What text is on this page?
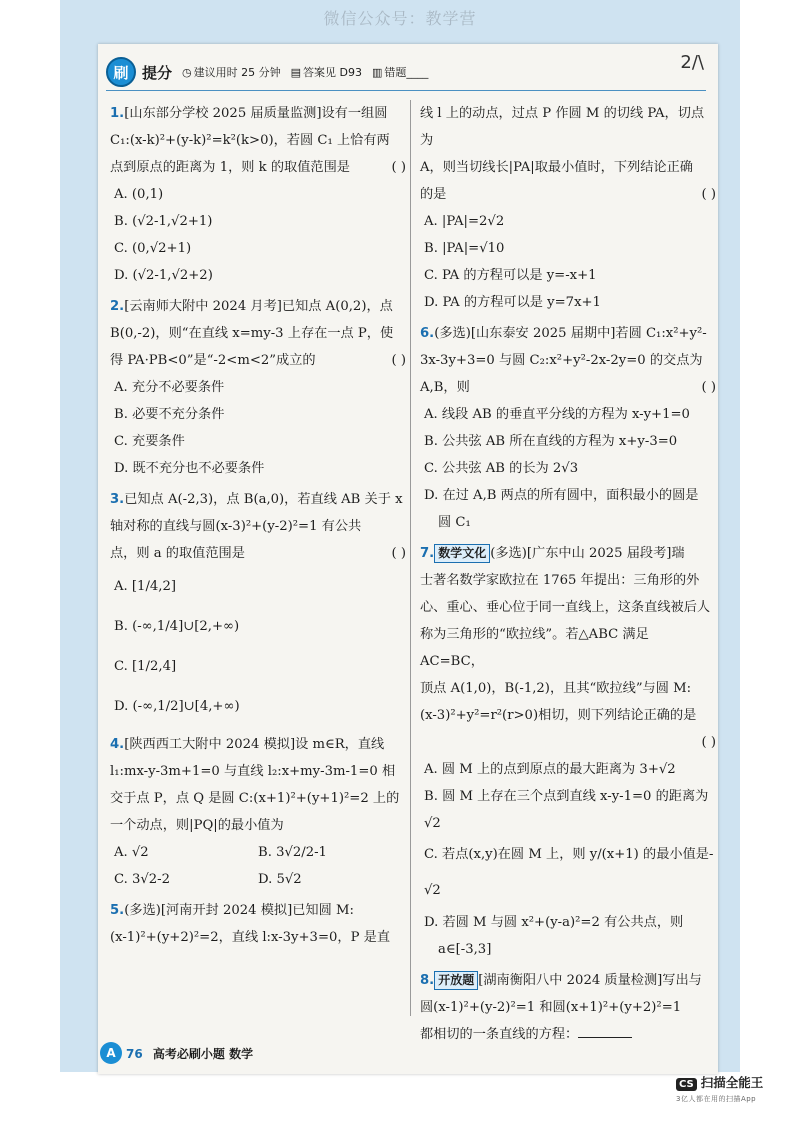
微信公众号：教学营
刷 提分 ◷ 建议用时 25 分钟 ▤ 答案见 D93 ▥ 错题____	2/\
1.[山东部分学校 2025 届质量监测]设有一组圆
C₁:(x-k)²+(y-k)²=k²(k>0)，若圆 C₁ 上恰有两
点到原点的距离为 1，则 k 的取值范围是	( )
A. (0,1)
B. (√2-1,√2+1)
C. (0,√2+1)
D. (√2-1,√2+2)
2.[云南师大附中 2024 月考]已知点 A(0,2)，点
B(0,-2)，则“在直线 x=my-3 上存在一点 P，使
得 PA·PB<0”是“-2<m<2”成立的	( )
A. 充分不必要条件
B. 必要不充分条件
C. 充要条件
D. 既不充分也不必要条件
3.已知点 A(-2,3)，点 B(a,0)，若直线 AB 关于 x
轴对称的直线与圆(x-3)²+(y-2)²=1 有公共
点，则 a 的取值范围是	( )
A. [1/4,2]
B. (-∞,1/4]∪[2,+∞)
C. [1/2,4]
D. (-∞,1/2]∪[4,+∞)
4.[陕西西工大附中 2024 模拟]设 m∈R，直线
l₁:mx-y-3m+1=0 与直线 l₂:x+my-3m-1=0 相
交于点 P，点 Q 是圆 C:(x+1)²+(y+1)²=2 上的
一个动点，则|PQ|的最小值为
A. √2	B. 3√2/2-1
C. 3√2-2	D. 5√2
5.(多选)[河南开封 2024 模拟]已知圆 M:
(x-1)²+(y+2)²=2，直线 l:x-3y+3=0，P 是直
线 l 上的动点，过点 P 作圆 M 的切线 PA，切点为
A，则当切线长|PA|取最小值时，下列结论正确
的是	( )
A. |PA|=2√2
B. |PA|=√10
C. PA 的方程可以是 y=-x+1
D. PA 的方程可以是 y=7x+1
6.(多选)[山东泰安 2025 届期中]若圆 C₁:x²+y²-
3x-3y+3=0 与圆 C₂:x²+y²-2x-2y=0 的交点为
A,B，则	( )
A. 线段 AB 的垂直平分线的方程为 x-y+1=0
B. 公共弦 AB 所在直线的方程为 x+y-3=0
C. 公共弦 AB 的长为 2√3
D. 在过 A,B 两点的所有圆中，面积最小的圆是
圆 C₁
7. 数学文化 (多选)[广东中山 2025 届段考]瑞
士著名数学家欧拉在 1765 年提出：三角形的外
心、重心、垂心位于同一直线上，这条直线被后人
称为三角形的“欧拉线”。若△ABC 满足 AC=BC，
顶点 A(1,0)，B(-1,2)，且其“欧拉线”与圆 M:
(x-3)²+y²=r²(r>0)相切，则下列结论正确的是
( )
A. 圆 M 上的点到原点的最大距离为 3+√2
B. 圆 M 上存在三个点到直线 x-y-1=0 的距离为√2
C. 若点(x,y)在圆 M 上，则 y/(x+1) 的最小值是-√2
D. 若圆 M 与圆 x²+(y-a)²=2 有公共点，则
a∈[-3,3]
8. 开放题 [湖南衡阳八中 2024 质量检测]写出与
圆(x-1)²+(y-2)²=1 和圆(x+1)²+(y+2)²=1
都相切的一条直线的方程：
A 76 高考必刷小题 数学
CS 扫描全能王
3亿人都在用的扫描App
